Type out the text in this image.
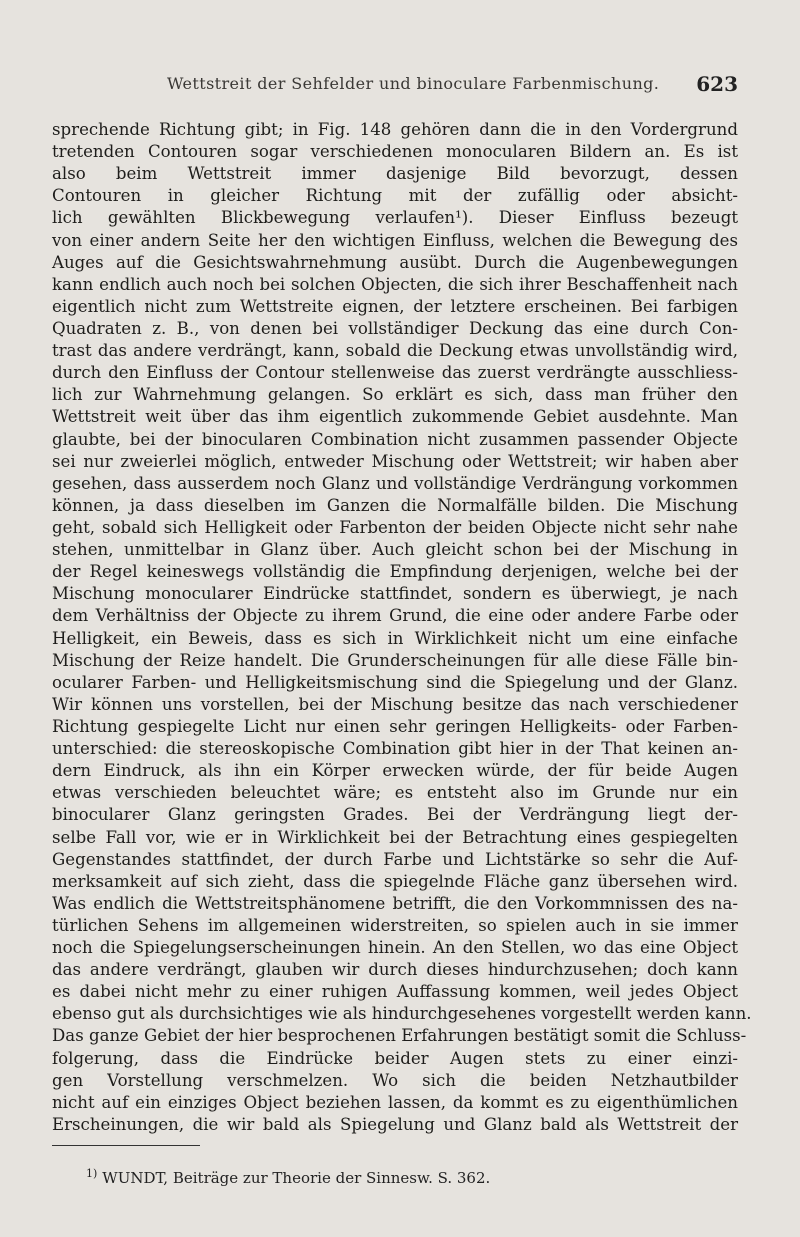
Wettstreit der Sehfelder und binoculare Farbenmischung. 623
sprechende Richtung gibt; in Fig. 148 gehören dann die in den Vordergrund
tretenden Contouren sogar verschiedenen monocularen Bildern an. Es ist
also beim Wettstreit immer dasjenige Bild bevorzugt, dessen
Contouren in gleicher Richtung mit der zufällig oder absicht-
lich gewählten Blickbewegung verlaufen¹). Dieser Einfluss bezeugt
von einer andern Seite her den wichtigen Einfluss, welchen die Bewegung des
Auges auf die Gesichtswahrnehmung ausübt. Durch die Augenbewegungen
kann endlich auch noch bei solchen Objecten, die sich ihrer Beschaffenheit nach
eigentlich nicht zum Wettstreite eignen, der letztere erscheinen. Bei farbigen
Quadraten z. B., von denen bei vollständiger Deckung das eine durch Con-
trast das andere verdrängt, kann, sobald die Deckung etwas unvollständig wird,
durch den Einfluss der Contour stellenweise das zuerst verdrängte ausschliess-
lich zur Wahrnehmung gelangen. So erklärt es sich, dass man früher den
Wettstreit weit über das ihm eigentlich zukommende Gebiet ausdehnte. Man
glaubte, bei der binocularen Combination nicht zusammen passender Objecte
sei nur zweierlei möglich, entweder Mischung oder Wettstreit; wir haben aber
gesehen, dass ausserdem noch Glanz und vollständige Verdrängung vorkommen
können, ja dass dieselben im Ganzen die Normalfälle bilden. Die Mischung
geht, sobald sich Helligkeit oder Farbenton der beiden Objecte nicht sehr nahe
stehen, unmittelbar in Glanz über. Auch gleicht schon bei der Mischung in
der Regel keineswegs vollständig die Empfindung derjenigen, welche bei der
Mischung monocularer Eindrücke stattfindet, sondern es überwiegt, je nach
dem Verhältniss der Objecte zu ihrem Grund, die eine oder andere Farbe oder
Helligkeit, ein Beweis, dass es sich in Wirklichkeit nicht um eine einfache
Mischung der Reize handelt. Die Grunderscheinungen für alle diese Fälle bin-
ocularer Farben- und Helligkeitsmischung sind die Spiegelung und der Glanz.
Wir können uns vorstellen, bei der Mischung besitze das nach verschiedener
Richtung gespiegelte Licht nur einen sehr geringen Helligkeits- oder Farben-
unterschied: die stereoskopische Combination gibt hier in der That keinen an-
dern Eindruck, als ihn ein Körper erwecken würde, der für beide Augen
etwas verschieden beleuchtet wäre; es entsteht also im Grunde nur ein
binocularer Glanz geringsten Grades. Bei der Verdrängung liegt der-
selbe Fall vor, wie er in Wirklichkeit bei der Betrachtung eines gespiegelten
Gegenstandes stattfindet, der durch Farbe und Lichtstärke so sehr die Auf-
merksamkeit auf sich zieht, dass die spiegelnde Fläche ganz übersehen wird.
Was endlich die Wettstreitsphänomene betrifft, die den Vorkommnissen des na-
türlichen Sehens im allgemeinen widerstreiten, so spielen auch in sie immer
noch die Spiegelungserscheinungen hinein. An den Stellen, wo das eine Object
das andere verdrängt, glauben wir durch dieses hindurchzusehen; doch kann
es dabei nicht mehr zu einer ruhigen Auffassung kommen, weil jedes Object
ebenso gut als durchsichtiges wie als hindurchgesehenes vorgestellt werden kann.
Das ganze Gebiet der hier besprochenen Erfahrungen bestätigt somit die Schluss-
folgerung, dass die Eindrücke beider Augen stets zu einer einzi-
gen Vorstellung verschmelzen. Wo sich die beiden Netzhautbilder
nicht auf ein einziges Object beziehen lassen, da kommt es zu eigenthümlichen
Erscheinungen, die wir bald als Spiegelung und Glanz bald als Wettstreit der
$^{1)}$ WUNDT, Beiträge zur Theorie der Sinnesw. S. 362.
